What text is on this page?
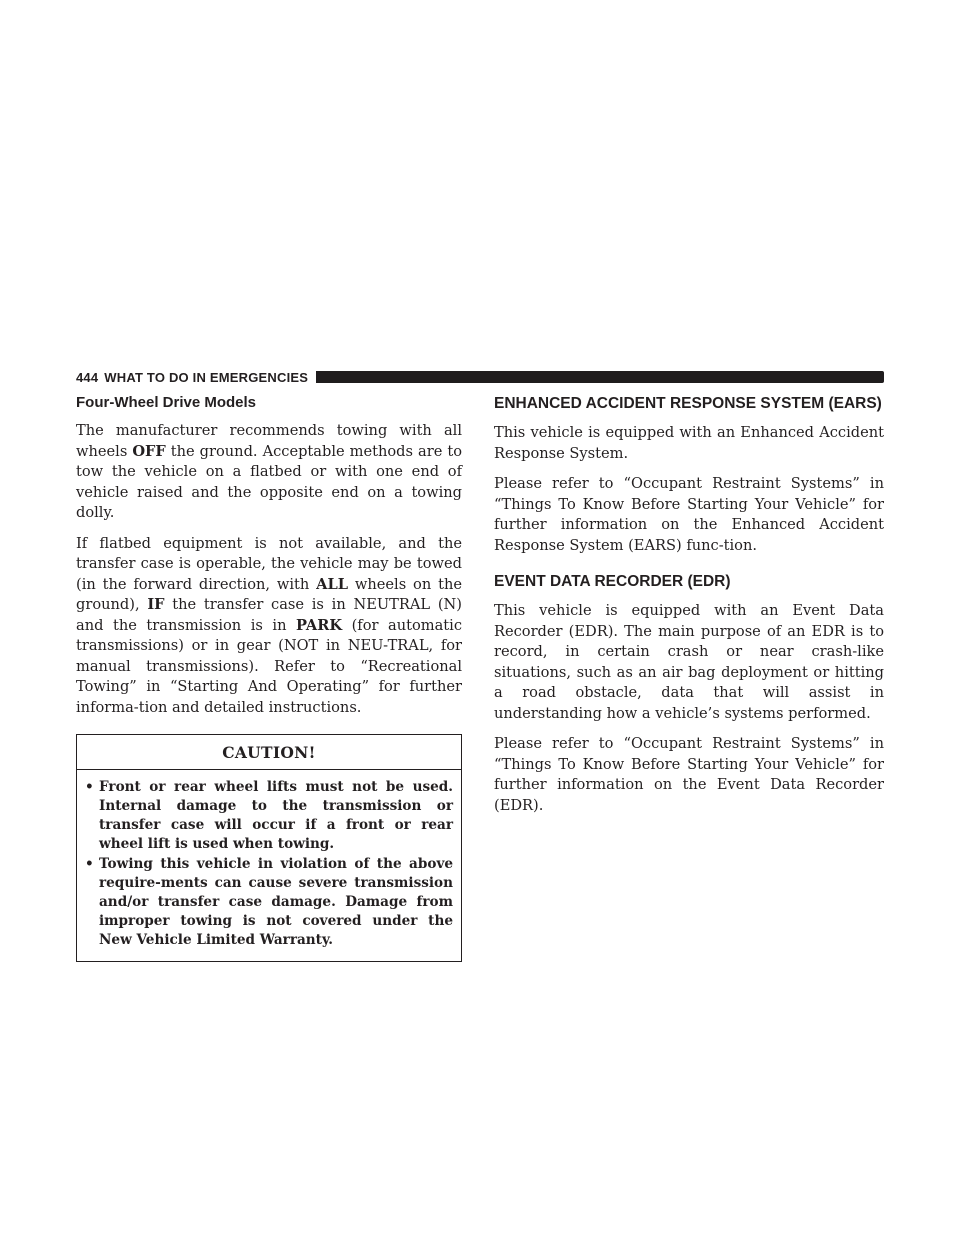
444 WHAT TO DO IN EMERGENCIES
Four-Wheel Drive Models

The manufacturer recommends towing with all wheels OFF the ground. Acceptable methods are to tow the vehicle on a flatbed or with one end of vehicle raised and the opposite end on a towing dolly.

If flatbed equipment is not available, and the transfer case is operable, the vehicle may be towed (in the forward direction, with ALL wheels on the ground), IF the transfer case is in NEUTRAL (N) and the transmission is in PARK (for automatic transmissions) or in gear (NOT in NEU-TRAL, for manual transmissions). Refer to “Recreational Towing” in “Starting And Operating” for further informa-tion and detailed instructions.

CAUTION!
• Front or rear wheel lifts must not be used. Internal damage to the transmission or transfer case will occur if a front or rear wheel lift is used when towing.
• Towing this vehicle in violation of the above require-ments can cause severe transmission and/or transfer case damage. Damage from improper towing is not covered under the New Vehicle Limited Warranty.
ENHANCED ACCIDENT RESPONSE SYSTEM (EARS)

This vehicle is equipped with an Enhanced Accident Response System.

Please refer to “Occupant Restraint Systems” in “Things To Know Before Starting Your Vehicle” for further information on the Enhanced Accident Response System (EARS) func-tion.

EVENT DATA RECORDER (EDR)

This vehicle is equipped with an Event Data Recorder (EDR). The main purpose of an EDR is to record, in certain crash or near crash-like situations, such as an air bag deployment or hitting a road obstacle, data that will assist in understanding how a vehicle’s systems performed.

Please refer to “Occupant Restraint Systems” in “Things To Know Before Starting Your Vehicle” for further information on the Event Data Recorder (EDR).
